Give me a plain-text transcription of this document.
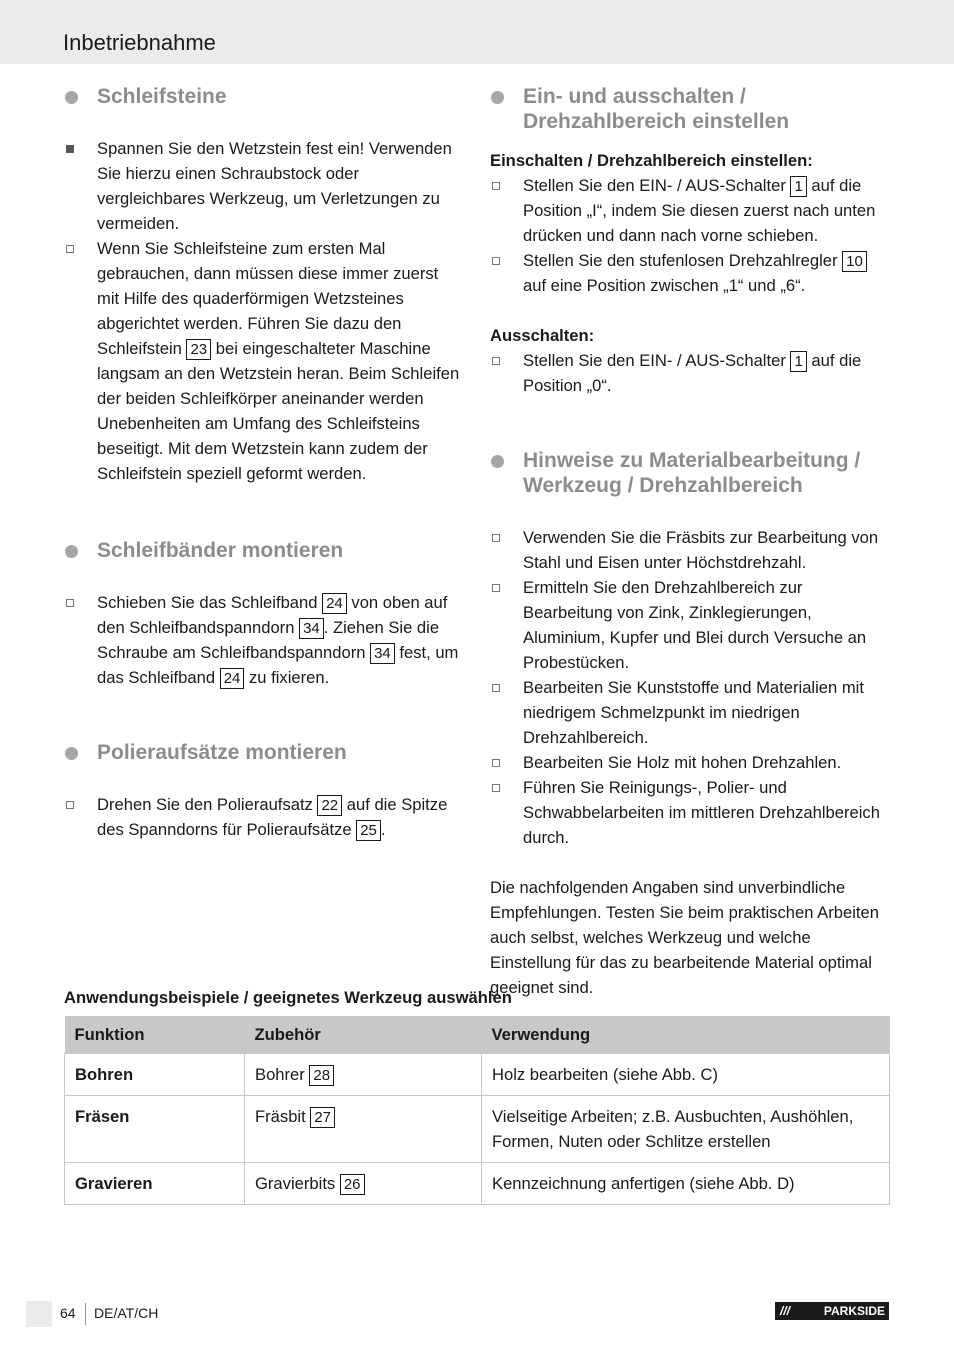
Inbetriebnahme
Schleifsteine
Spannen Sie den Wetzstein fest ein! Verwenden Sie hierzu einen Schraubstock oder vergleichbares Werkzeug, um Verletzungen zu vermeiden.
Wenn Sie Schleifsteine zum ersten Mal gebrauchen, dann müssen diese immer zuerst mit Hilfe des quaderförmigen Wetzsteines abgerichtet werden. Führen Sie dazu den Schleifstein 23 bei eingeschalteter Maschine langsam an den Wetzstein heran. Beim Schleifen der beiden Schleifkörper aneinander werden Unebenheiten am Umfang des Schleifsteins beseitigt. Mit dem Wetzstein kann zudem der Schleifstein speziell geformt werden.
Schleifbänder montieren
Schieben Sie das Schleifband 24 von oben auf den Schleifbandspanndorn 34 . Ziehen Sie die Schraube am Schleifbandspanndorn 34 fest, um das Schleifband 24 zu fixieren.
Polieraufsätze montieren
Drehen Sie den Polieraufsatz 22 auf die Spitze des Spanndorns für Polieraufsätze 25 .
Ein- und ausschalten / Drehzahlbereich einstellen
Einschalten / Drehzahlbereich einstellen:
Stellen Sie den EIN- / AUS-Schalter 1 auf die Position „I“, indem Sie diesen zuerst nach unten drücken und dann nach vorne schieben.
Stellen Sie den stufenlosen Drehzahlregler 10 auf eine Position zwischen „1“ und „6“.
Ausschalten:
Stellen Sie den EIN- / AUS-Schalter 1 auf die Position „0“.
Hinweise zu Materialbearbeitung / Werkzeug / Drehzahlbereich
Verwenden Sie die Fräsbits zur Bearbeitung von Stahl und Eisen unter Höchstdrehzahl.
Ermitteln Sie den Drehzahlbereich zur Bearbeitung von Zink, Zinklegierungen, Aluminium, Kupfer und Blei durch Versuche an Probestücken.
Bearbeiten Sie Kunststoffe und Materialien mit niedrigem Schmelzpunkt im niedrigen Drehzahlbereich.
Bearbeiten Sie Holz mit hohen Drehzahlen.
Führen Sie Reinigungs-, Polier- und Schwabbelarbeiten im mittleren Drehzahlbereich durch.
Die nachfolgenden Angaben sind unverbindliche Empfehlungen. Testen Sie beim praktischen Arbeiten auch selbst, welches Werkzeug und welche Einstellung für das zu bearbeitende Material optimal geeignet sind.
Anwendungsbeispiele / geeignetes Werkzeug auswählen
Funktion	Zubehör	Verwendung
Bohren	Bohrer 28	Holz bearbeiten (siehe Abb. C)
Fräsen	Fräsbit 27	Vielseitige Arbeiten; z.B. Ausbuchten, Aushöhlen, Formen, Nuten oder Schlitze erstellen
Gravieren	Gravierbits 26	Kennzeichnung anfertigen (siehe Abb. D)
64 DE/AT/CH	///	PARKSIDE
